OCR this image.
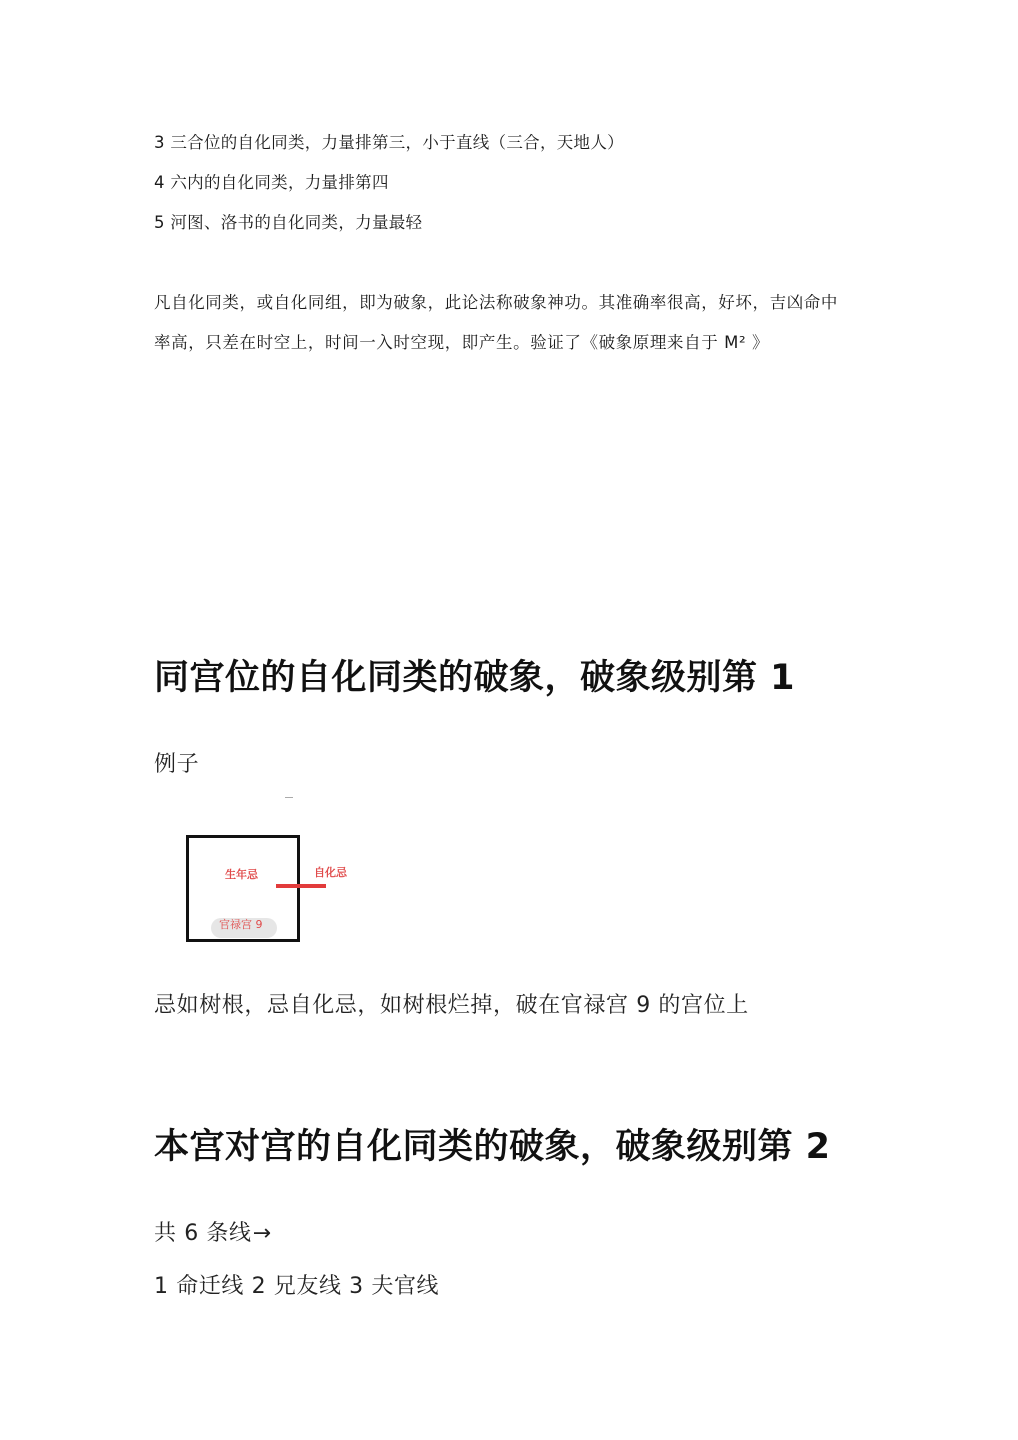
3 三合位的自化同类，力量排第三，小于直线（三合，天地人）
4 六内的自化同类，力量排第四
5 河图、洛书的自化同类，力量最轻
凡自化同类，或自化同组，即为破象，此论法称破象神功。其准确率很高，好坏，吉凶命中
率高，只差在时空上，时间一入时空现，即产生。验证了《破象原理来自于 M² 》
同宫位的自化同类的破象，破象级别第 1
例子
生年忌	自化忌
官禄宫 9
忌如树根，忌自化忌，如树根烂掉，破在官禄宫 9 的宫位上
本宫对宫的自化同类的破象，破象级别第 2
共 6 条线→
1 命迁线 2 兄友线 3 夫官线
